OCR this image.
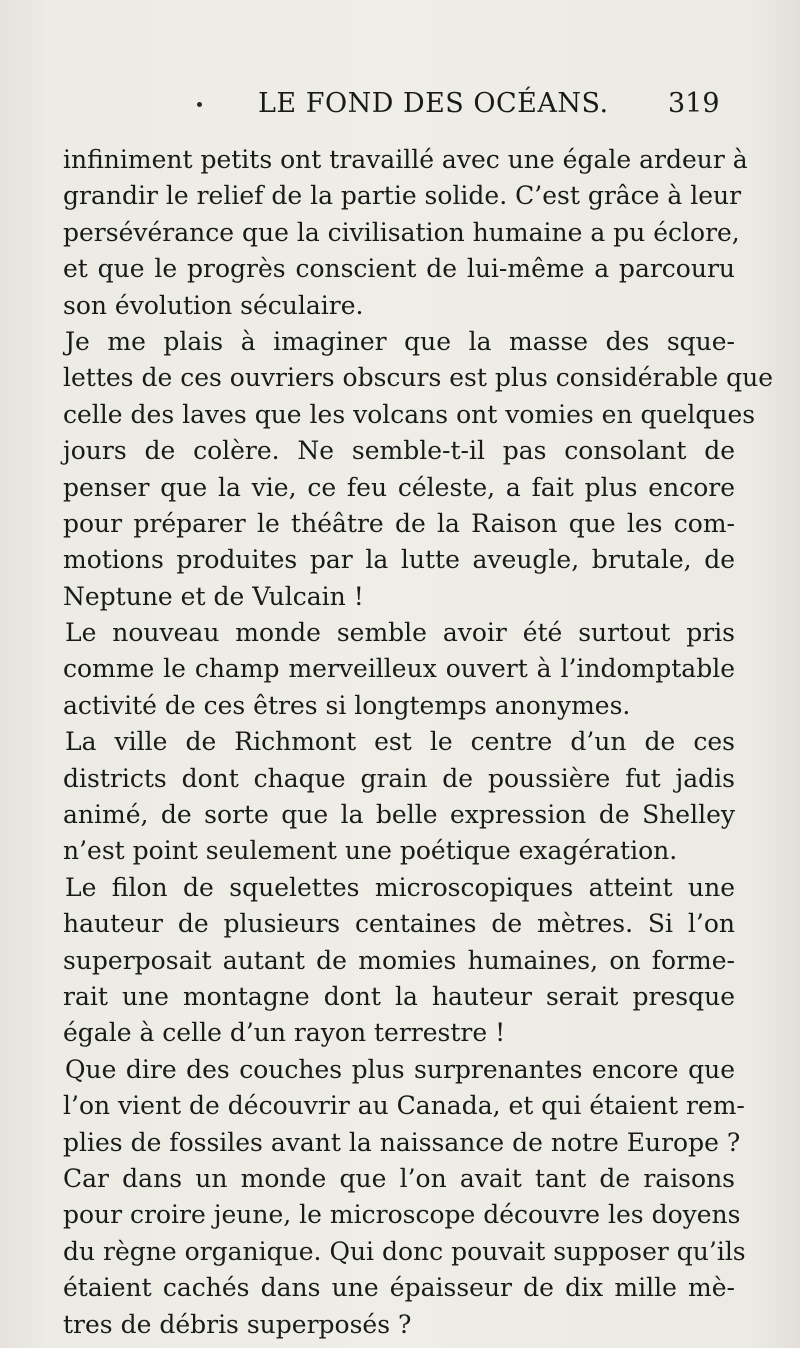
LE FOND DES OCÉANS. 319
infiniment petits ont travaillé avec une égale ardeur à
grandir le relief de la partie solide. C’est grâce à leur
persévérance que la civilisation humaine a pu éclore,
et que le progrès conscient de lui-même a parcouru
son évolution séculaire.
Je me plais à imaginer que la masse des sque-
lettes de ces ouvriers obscurs est plus considérable que
celle des laves que les volcans ont vomies en quelques
jours de colère. Ne semble-t-il pas consolant de
penser que la vie, ce feu céleste, a fait plus encore
pour préparer le théâtre de la Raison que les com-
motions produites par la lutte aveugle, brutale, de
Neptune et de Vulcain !
Le nouveau monde semble avoir été surtout pris
comme le champ merveilleux ouvert à l’indomptable
activité de ces êtres si longtemps anonymes.
La ville de Richmont est le centre d’un de ces
districts dont chaque grain de poussière fut jadis
animé, de sorte que la belle expression de Shelley
n’est point seulement une poétique exagération.
Le filon de squelettes microscopiques atteint une
hauteur de plusieurs centaines de mètres. Si l’on
superposait autant de momies humaines, on forme-
rait une montagne dont la hauteur serait presque
égale à celle d’un rayon terrestre !
Que dire des couches plus surprenantes encore que
l’on vient de découvrir au Canada, et qui étaient rem-
plies de fossiles avant la naissance de notre Europe ?
Car dans un monde que l’on avait tant de raisons
pour croire jeune, le microscope découvre les doyens
du règne organique. Qui donc pouvait supposer qu’ils
étaient cachés dans une épaisseur de dix mille mè-
tres de débris superposés ?
